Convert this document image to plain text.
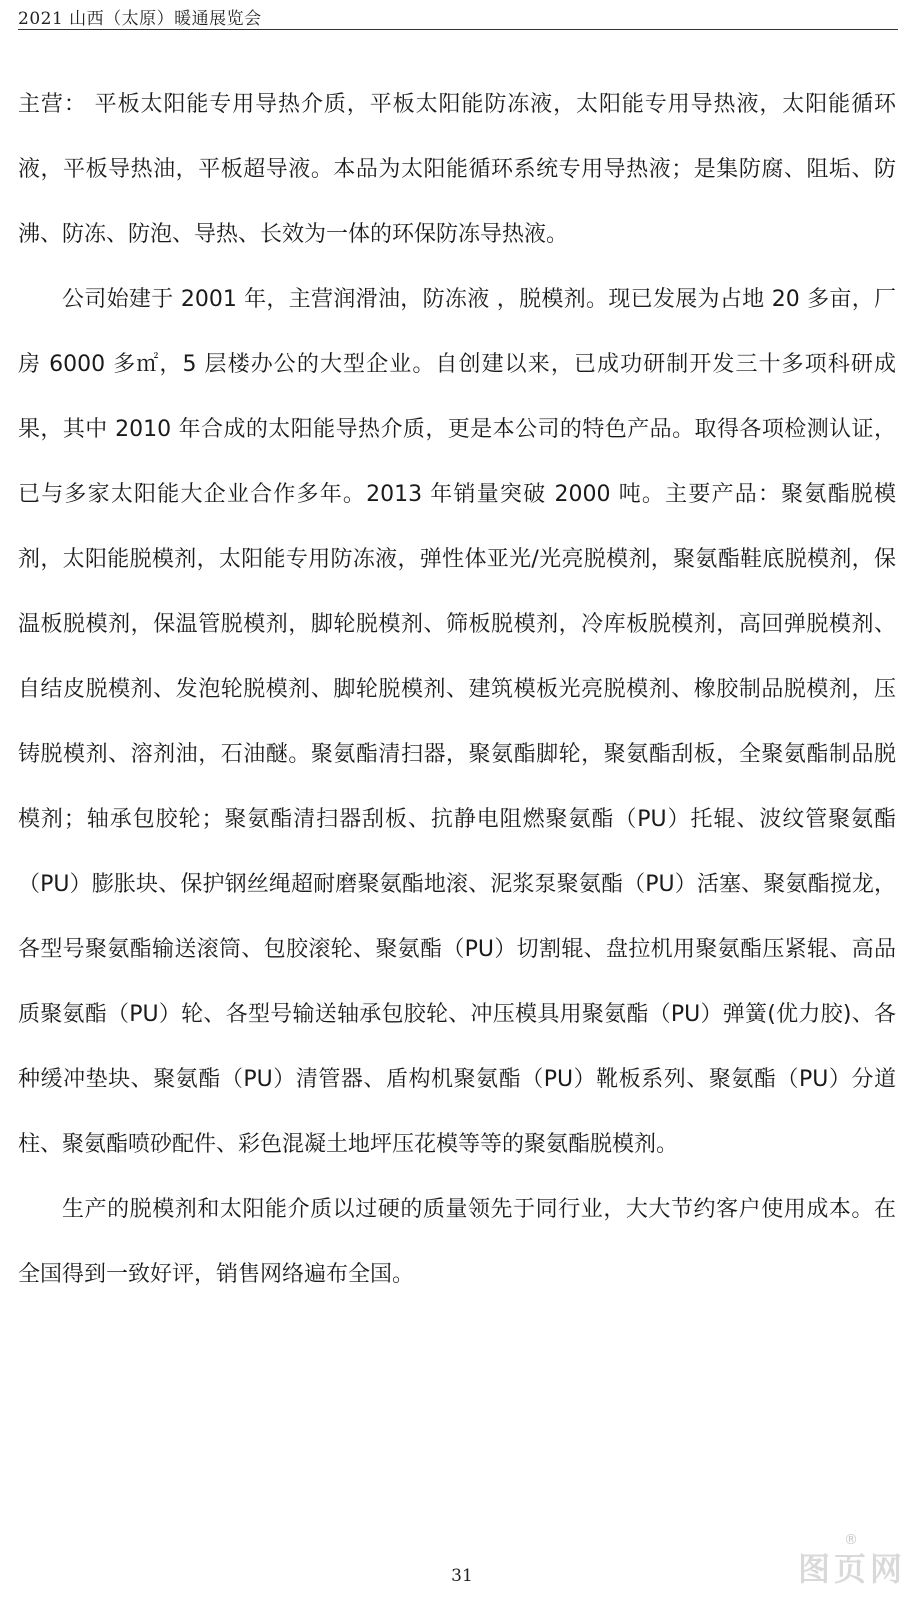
2021 山西（太原）暖通展览会

主营： 平板太阳能专用导热介质，平板太阳能防冻液，太阳能专用导热液，太阳能循环液，平板导热油，平板超导液。本品为太阳能循环系统专用导热液；是集防腐、阻垢、防沸、防冻、防泡、导热、长效为一体的环保防冻导热液。

公司始建于 2001 年，主营润滑油，防冻液 ，脱模剂。现已发展为占地 20 多亩，厂房 6000 多㎡，5 层楼办公的大型企业。自创建以来，已成功研制开发三十多项科研成果，其中 2010 年合成的太阳能导热介质，更是本公司的特色产品。取得各项检测认证，已与多家太阳能大企业合作多年。2013 年销量突破 2000 吨。主要产品：聚氨酯脱模剂，太阳能脱模剂，太阳能专用防冻液，弹性体亚光/光亮脱模剂，聚氨酯鞋底脱模剂，保温板脱模剂，保温管脱模剂，脚轮脱模剂、筛板脱模剂，冷库板脱模剂，高回弹脱模剂、自结皮脱模剂、发泡轮脱模剂、脚轮脱模剂、建筑模板光亮脱模剂、橡胶制品脱模剂，压铸脱模剂、溶剂油，石油醚。聚氨酯清扫器，聚氨酯脚轮，聚氨酯刮板，全聚氨酯制品脱模剂；轴承包胶轮；聚氨酯清扫器刮板、抗静电阻燃聚氨酯（PU）托辊、波纹管聚氨酯（PU）膨胀块、保护钢丝绳超耐磨聚氨酯地滚、泥浆泵聚氨酯（PU）活塞、聚氨酯搅龙，各型号聚氨酯输送滚筒、包胶滚轮、聚氨酯（PU）切割辊、盘拉机用聚氨酯压紧辊、高品质聚氨酯（PU）轮、各型号输送轴承包胶轮、冲压模具用聚氨酯（PU）弹簧(优力胶)、各种缓冲垫块、聚氨酯（PU）清管器、盾构机聚氨酯（PU）靴板系列、聚氨酯（PU）分道柱、聚氨酯喷砂配件、彩色混凝土地坪压花模等等的聚氨酯脱模剂。

生产的脱模剂和太阳能介质以过硬的质量领先于同行业，大大节约客户使用成本。在全国得到一致好评，销售网络遍布全国。

31
®
图页网
